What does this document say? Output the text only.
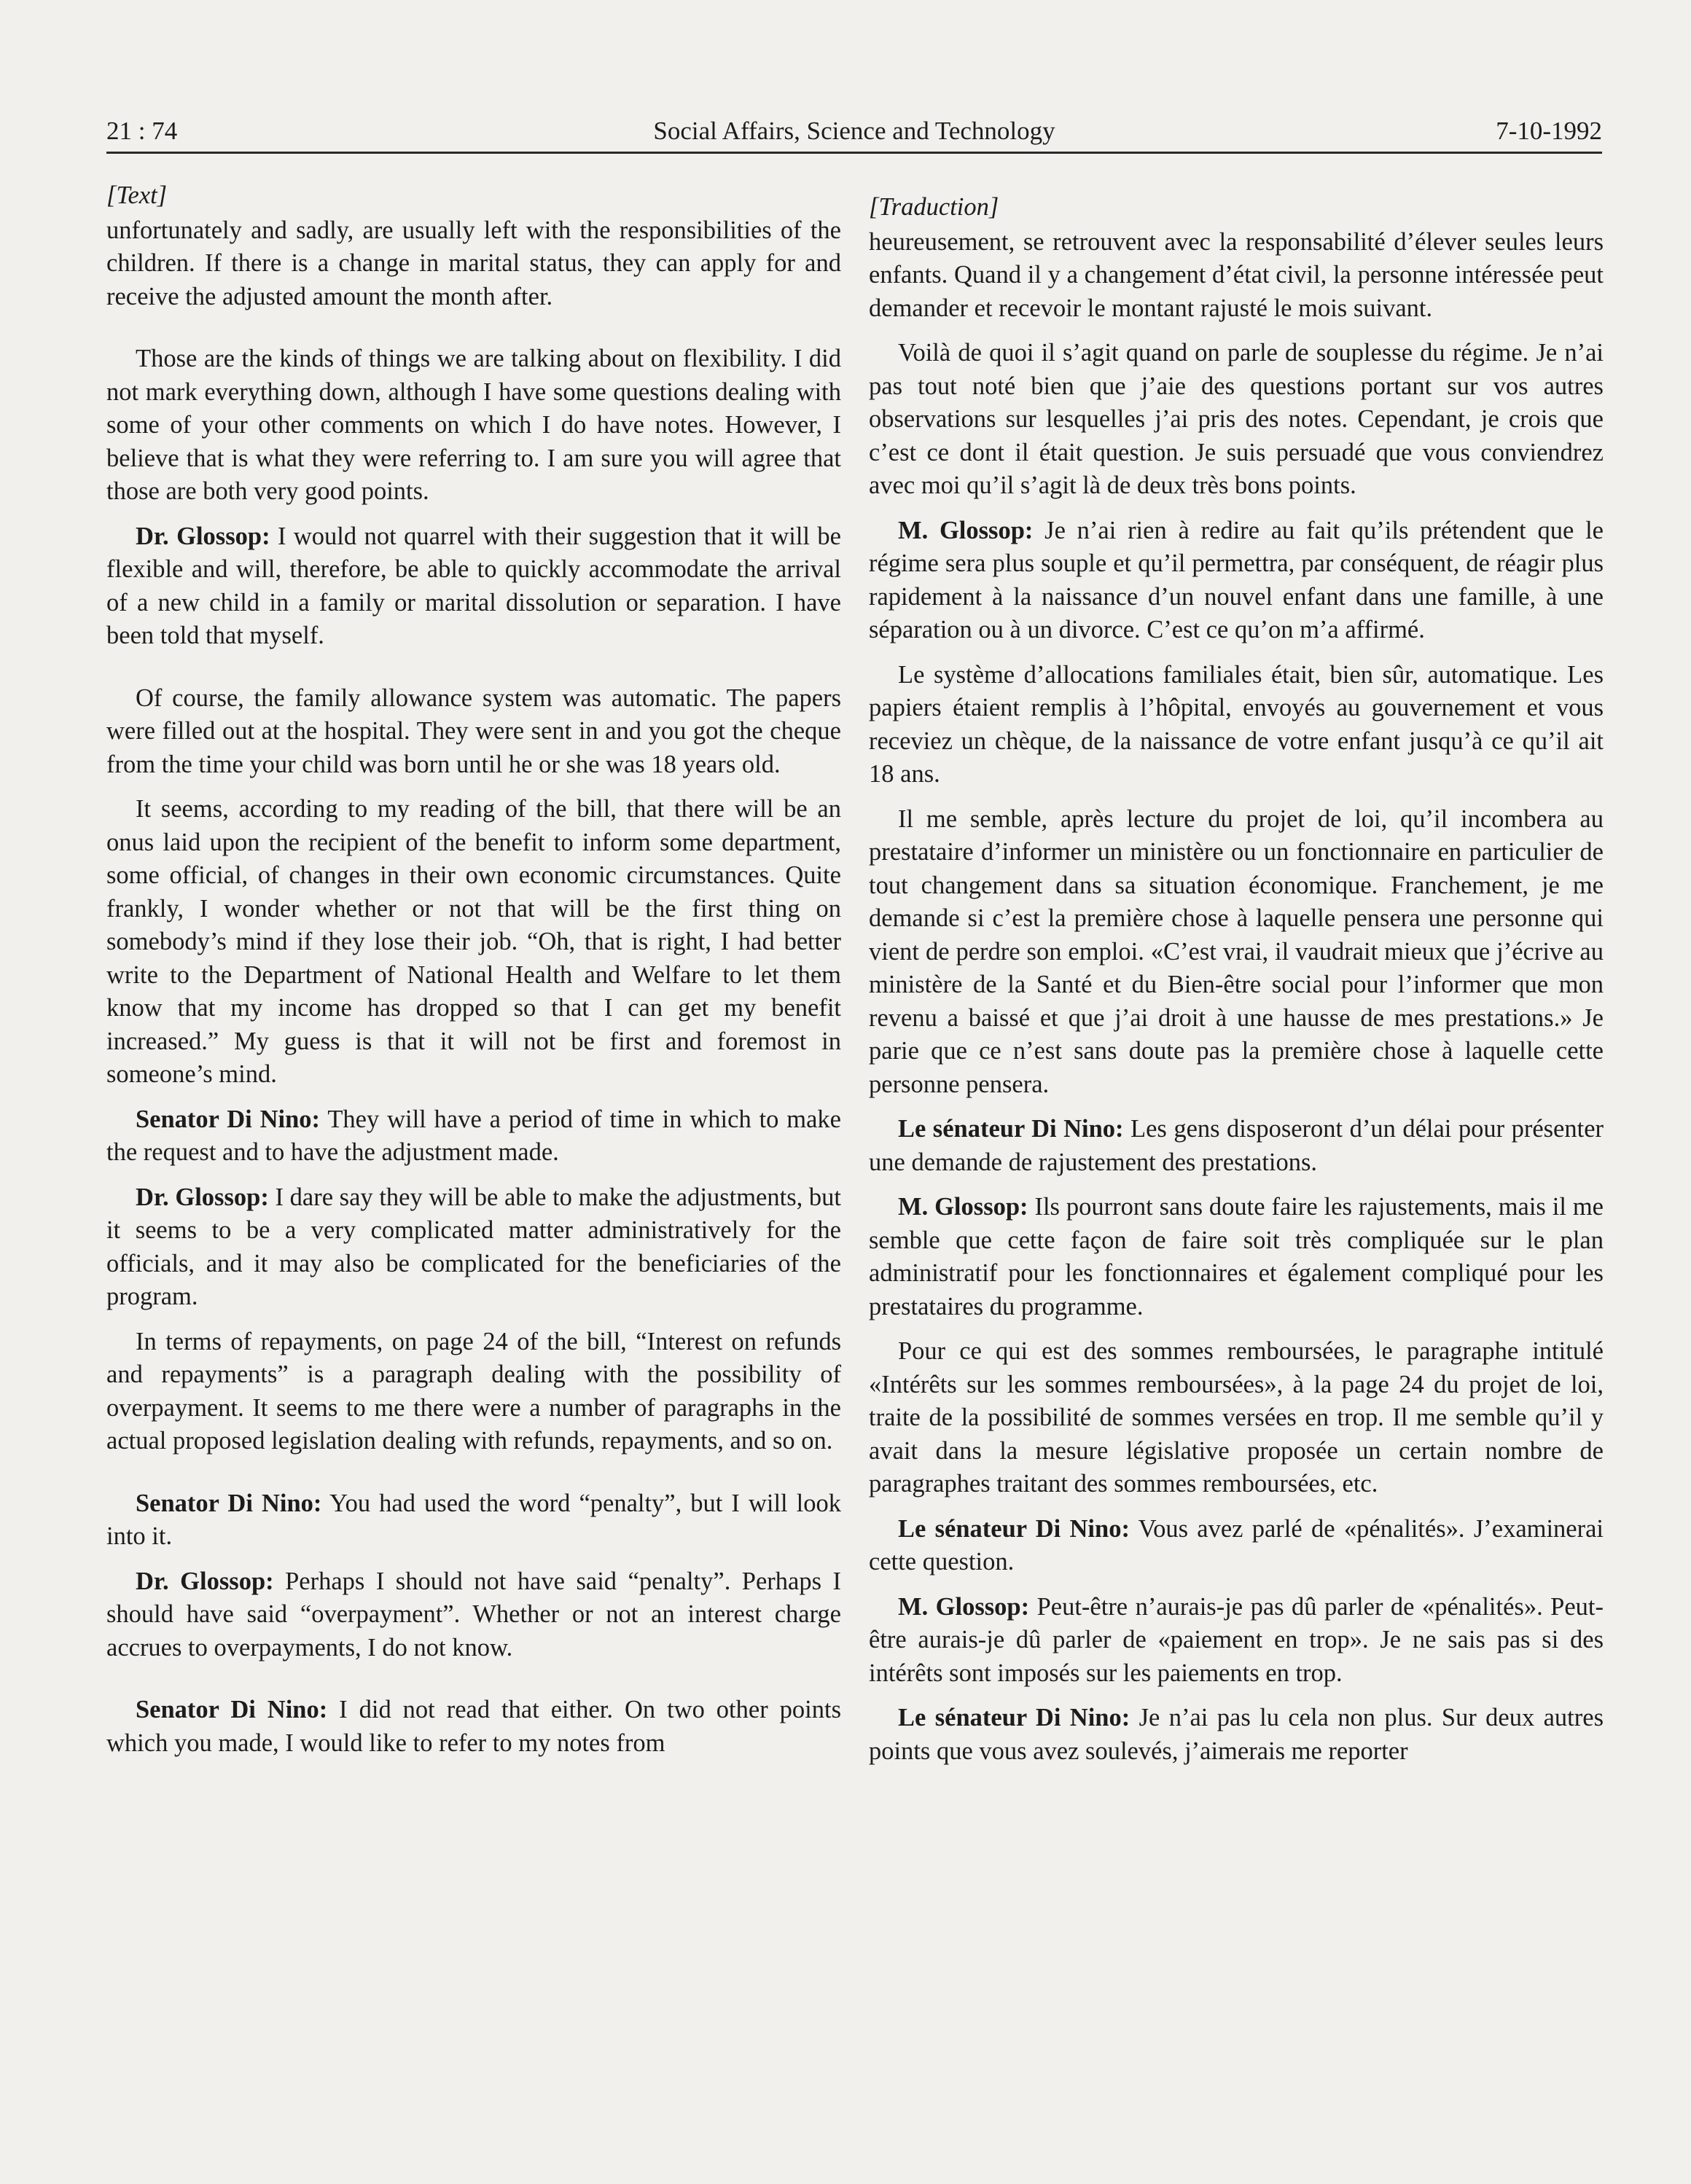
21 : 74	Social Affairs, Science and Technology	7-10-1992
[Text]

unfortunately and sadly, are usually left with the responsibilities of the children. If there is a change in marital status, they can apply for and receive the adjusted amount the month after.

Those are the kinds of things we are talking about on flexibility. I did not mark everything down, although I have some questions dealing with some of your other comments on which I do have notes. However, I believe that is what they were referring to. I am sure you will agree that those are both very good points.

Dr. Glossop: I would not quarrel with their suggestion that it will be flexible and will, therefore, be able to quickly accommodate the arrival of a new child in a family or marital dissolution or separation. I have been told that myself.

Of course, the family allowance system was automatic. The papers were filled out at the hospital. They were sent in and you got the cheque from the time your child was born until he or she was 18 years old.

It seems, according to my reading of the bill, that there will be an onus laid upon the recipient of the benefit to inform some department, some official, of changes in their own economic circumstances. Quite frankly, I wonder whether or not that will be the first thing on somebody’s mind if they lose their job. “Oh, that is right, I had better write to the Department of National Health and Welfare to let them know that my income has dropped so that I can get my benefit increased.” My guess is that it will not be first and foremost in someone’s mind.

Senator Di Nino: They will have a period of time in which to make the request and to have the adjustment made.

Dr. Glossop: I dare say they will be able to make the adjustments, but it seems to be a very complicated matter administratively for the officials, and it may also be complicated for the beneficiaries of the program.

In terms of repayments, on page 24 of the bill, “Interest on refunds and repayments” is a paragraph dealing with the possibility of overpayment. It seems to me there were a number of paragraphs in the actual proposed legislation dealing with refunds, repayments, and so on.

Senator Di Nino: You had used the word “penalty”, but I will look into it.

Dr. Glossop: Perhaps I should not have said “penalty”. Perhaps I should have said “overpayment”. Whether or not an interest charge accrues to overpayments, I do not know.

Senator Di Nino: I did not read that either. On two other points which you made, I would like to refer to my notes from

[Traduction]

heureusement, se retrouvent avec la responsabilité d’élever seules leurs enfants. Quand il y a changement d’état civil, la personne intéressée peut demander et recevoir le montant rajusté le mois suivant.

Voilà de quoi il s’agit quand on parle de souplesse du régime. Je n’ai pas tout noté bien que j’aie des questions portant sur vos autres observations sur lesquelles j’ai pris des notes. Cependant, je crois que c’est ce dont il était question. Je suis persuadé que vous conviendrez avec moi qu’il s’agit là de deux très bons points.

M. Glossop: Je n’ai rien à redire au fait qu’ils prétendent que le régime sera plus souple et qu’il permettra, par conséquent, de réagir plus rapidement à la naissance d’un nouvel enfant dans une famille, à une séparation ou à un divorce. C’est ce qu’on m’a affirmé.

Le système d’allocations familiales était, bien sûr, automatique. Les papiers étaient remplis à l’hôpital, envoyés au gouvernement et vous receviez un chèque, de la naissance de votre enfant jusqu’à ce qu’il ait 18 ans.

Il me semble, après lecture du projet de loi, qu’il incombera au prestataire d’informer un ministère ou un fonctionnaire en particulier de tout changement dans sa situation économique. Franchement, je me demande si c’est la première chose à laquelle pensera une personne qui vient de perdre son emploi. «C’est vrai, il vaudrait mieux que j’écrive au ministère de la Santé et du Bien-être social pour l’informer que mon revenu a baissé et que j’ai droit à une hausse de mes prestations.» Je parie que ce n’est sans doute pas la première chose à laquelle cette personne pensera.

Le sénateur Di Nino: Les gens disposeront d’un délai pour présenter une demande de rajustement des prestations.

M. Glossop: Ils pourront sans doute faire les rajustements, mais il me semble que cette façon de faire soit très compliquée sur le plan administratif pour les fonctionnaires et également compliqué pour les prestataires du programme.

Pour ce qui est des sommes remboursées, le paragraphe intitulé «Intérêts sur les sommes remboursées», à la page 24 du projet de loi, traite de la possibilité de sommes versées en trop. Il me semble qu’il y avait dans la mesure législative proposée un certain nombre de paragraphes traitant des sommes remboursées, etc.

Le sénateur Di Nino: Vous avez parlé de «pénalités». J’examinerai cette question.

M. Glossop: Peut-être n’aurais-je pas dû parler de «pénalités». Peut-être aurais-je dû parler de «paiement en trop». Je ne sais pas si des intérêts sont imposés sur les paiements en trop.

Le sénateur Di Nino: Je n’ai pas lu cela non plus. Sur deux autres points que vous avez soulevés, j’aimerais me reporter
